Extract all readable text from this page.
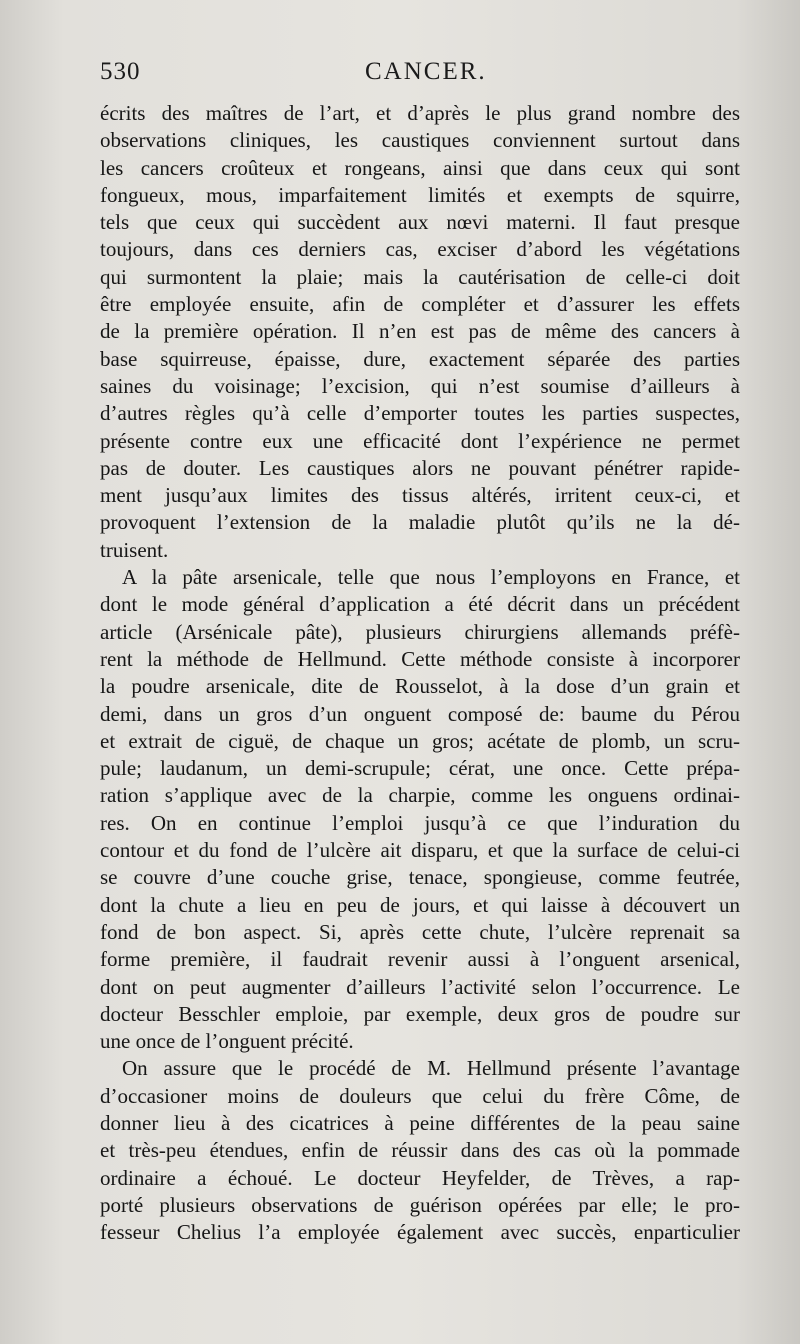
530	CANCER.
écrits des maîtres de l’art, et d’après le plus grand nombre des
observations cliniques, les caustiques conviennent surtout dans
les cancers croûteux et rongeans, ainsi que dans ceux qui sont
fongueux, mous, imparfaitement limités et exempts de squirre,
tels que ceux qui succèdent aux nœvi materni. Il faut presque
toujours, dans ces derniers cas, exciser d’abord les végétations
qui surmontent la plaie; mais la cautérisation de celle-ci doit
être employée ensuite, afin de compléter et d’assurer les effets
de la première opération. Il n’en est pas de même des cancers à
base squirreuse, épaisse, dure, exactement séparée des parties
saines du voisinage; l’excision, qui n’est soumise d’ailleurs à
d’autres règles qu’à celle d’emporter toutes les parties suspectes,
présente contre eux une efficacité dont l’expérience ne permet
pas de douter. Les caustiques alors ne pouvant pénétrer rapide-
ment jusqu’aux limites des tissus altérés, irritent ceux-ci, et
provoquent l’extension de la maladie plutôt qu’ils ne la dé-
truisent.
A la pâte arsenicale, telle que nous l’employons en France, et
dont le mode général d’application a été décrit dans un précédent
article (Arsénicale pâte), plusieurs chirurgiens allemands préfè-
rent la méthode de Hellmund. Cette méthode consiste à incorporer
la poudre arsenicale, dite de Rousselot, à la dose d’un grain et
demi, dans un gros d’un onguent composé de: baume du Pérou
et extrait de ciguë, de chaque un gros; acétate de plomb, un scru-
pule; laudanum, un demi-scrupule; cérat, une once. Cette prépa-
ration s’applique avec de la charpie, comme les onguens ordinai-
res. On en continue l’emploi jusqu’à ce que l’induration du
contour et du fond de l’ulcère ait disparu, et que la surface de celui-ci
se couvre d’une couche grise, tenace, spongieuse, comme feutrée,
dont la chute a lieu en peu de jours, et qui laisse à découvert un
fond de bon aspect. Si, après cette chute, l’ulcère reprenait sa
forme première, il faudrait revenir aussi à l’onguent arsenical,
dont on peut augmenter d’ailleurs l’activité selon l’occurrence. Le
docteur Besschler emploie, par exemple, deux gros de poudre sur
une once de l’onguent précité.
On assure que le procédé de M. Hellmund présente l’avantage
d’occasioner moins de douleurs que celui du frère Côme, de
donner lieu à des cicatrices à peine différentes de la peau saine
et très-peu étendues, enfin de réussir dans des cas où la pommade
ordinaire a échoué. Le docteur Heyfelder, de Trèves, a rap-
porté plusieurs observations de guérison opérées par elle; le pro-
fesseur Chelius l’a employée également avec succès, enparticulier
